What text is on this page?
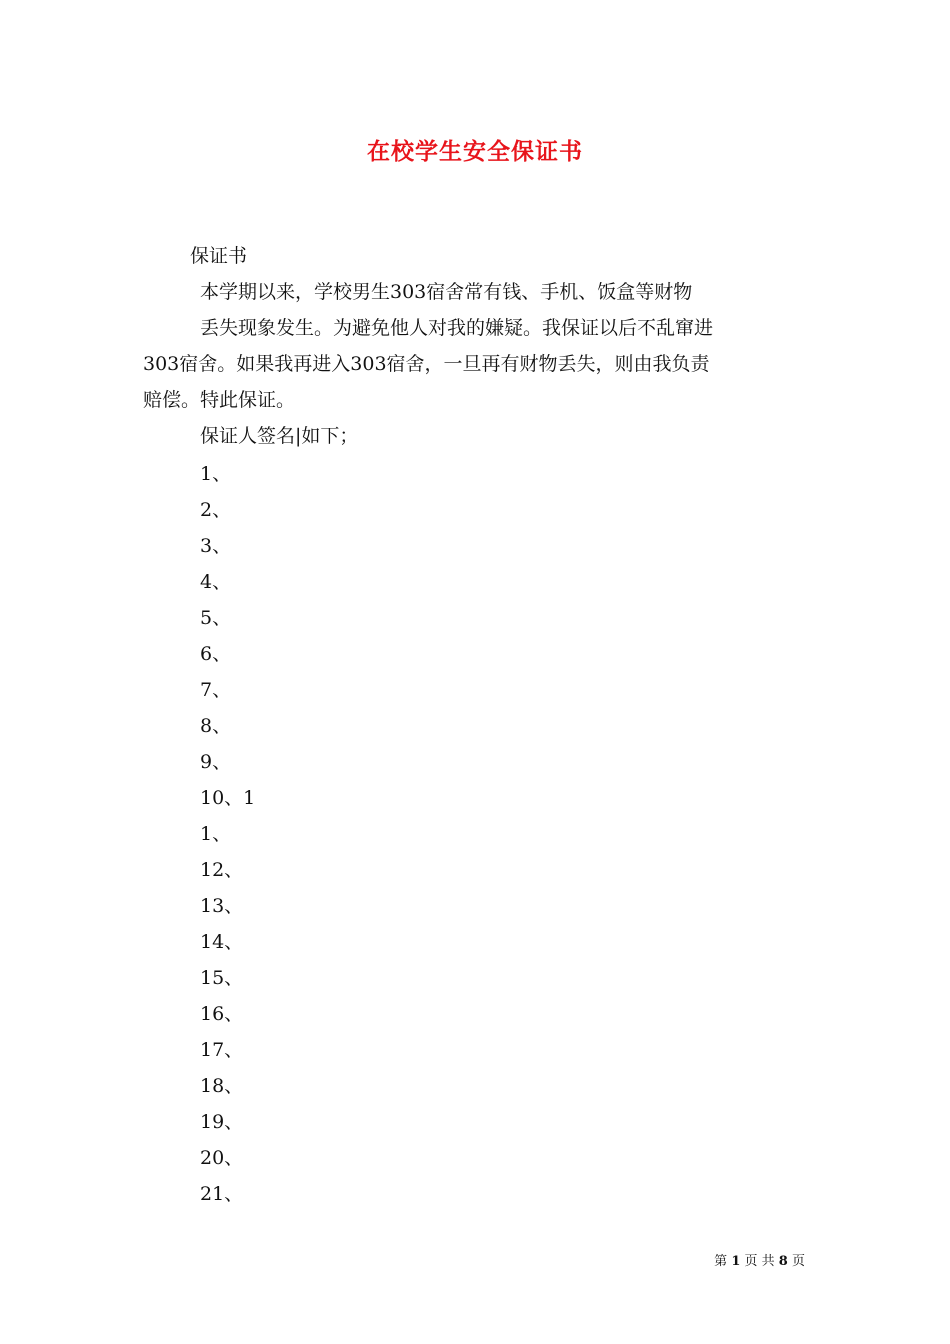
在校学生安全保证书
保证书
本学期以来，学校男生303宿舍常有钱、手机、饭盒等财物
丢失现象发生。为避免他人对我的嫌疑。我保证以后不乱窜进
303宿舍。如果我再进入303宿舍，一旦再有财物丢失，则由我负责
赔偿。特此保证。
保证人签名|如下；
1、
2、
3、
4、
5、
6、
7、
8、
9、
10、1
1、
12、
13、
14、
15、
16、
17、
18、
19、
20、
21、
第 1 页 共 8 页
